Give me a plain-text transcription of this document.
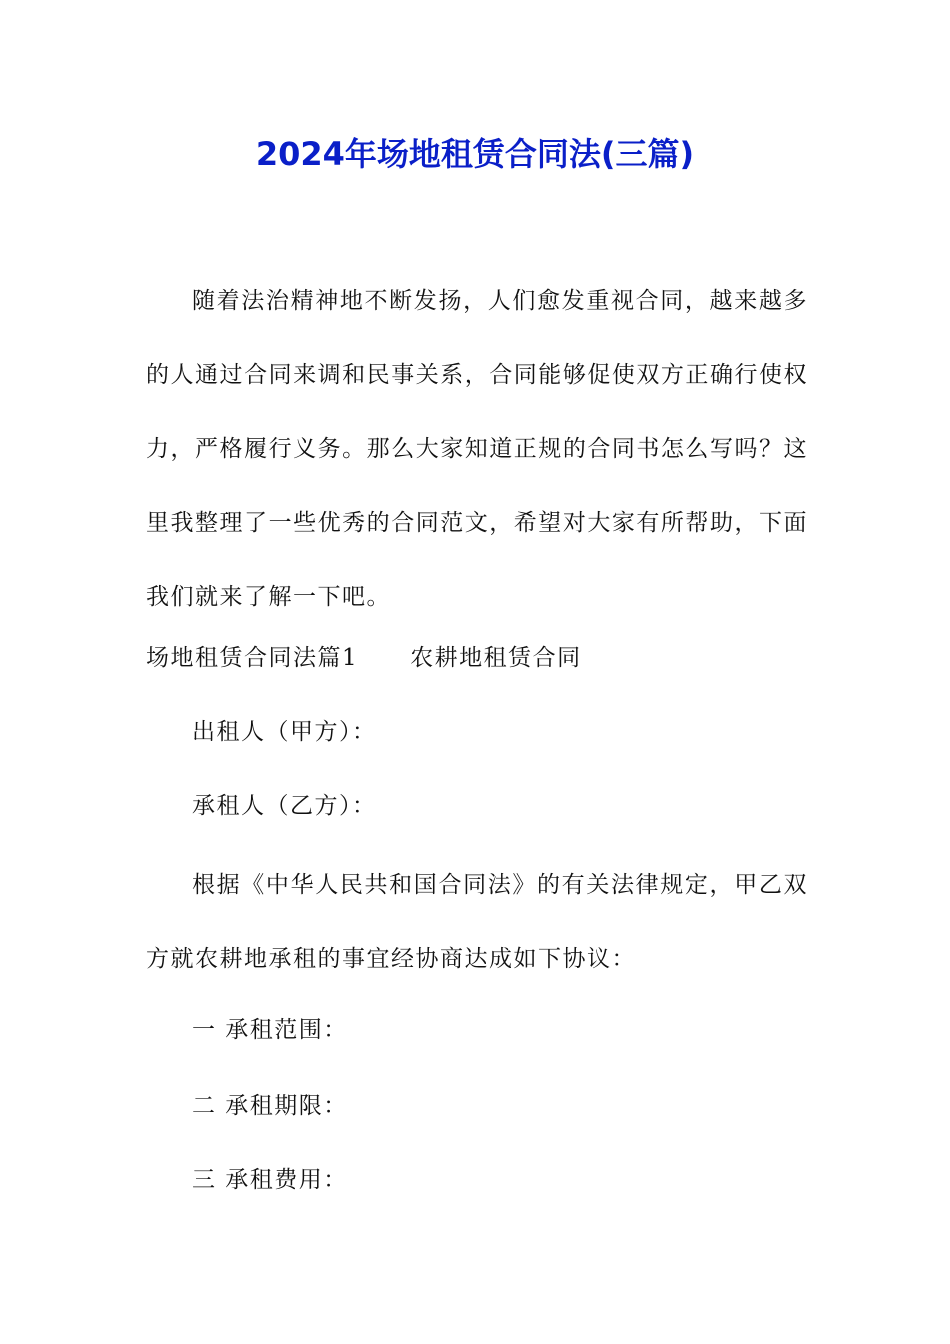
2024年场地租赁合同法(三篇)

随着法治精神地不断发扬，人们愈发重视合同，越来越多的人通过合同来调和民事关系，合同能够促使双方正确行使权力，严格履行义务。那么大家知道正规的合同书怎么写吗？这里我整理了一些优秀的合同范文，希望对大家有所帮助，下面我们就来了解一下吧。

场地租赁合同法篇1 农耕地租赁合同
出租人（甲方）：
承租人（乙方）：

根据《中华人民共和国合同法》的有关法律规定，甲乙双方就农耕地承租的事宜经协商达成如下协议：

一 承租范围：
二 承租期限：
三 承租费用：
